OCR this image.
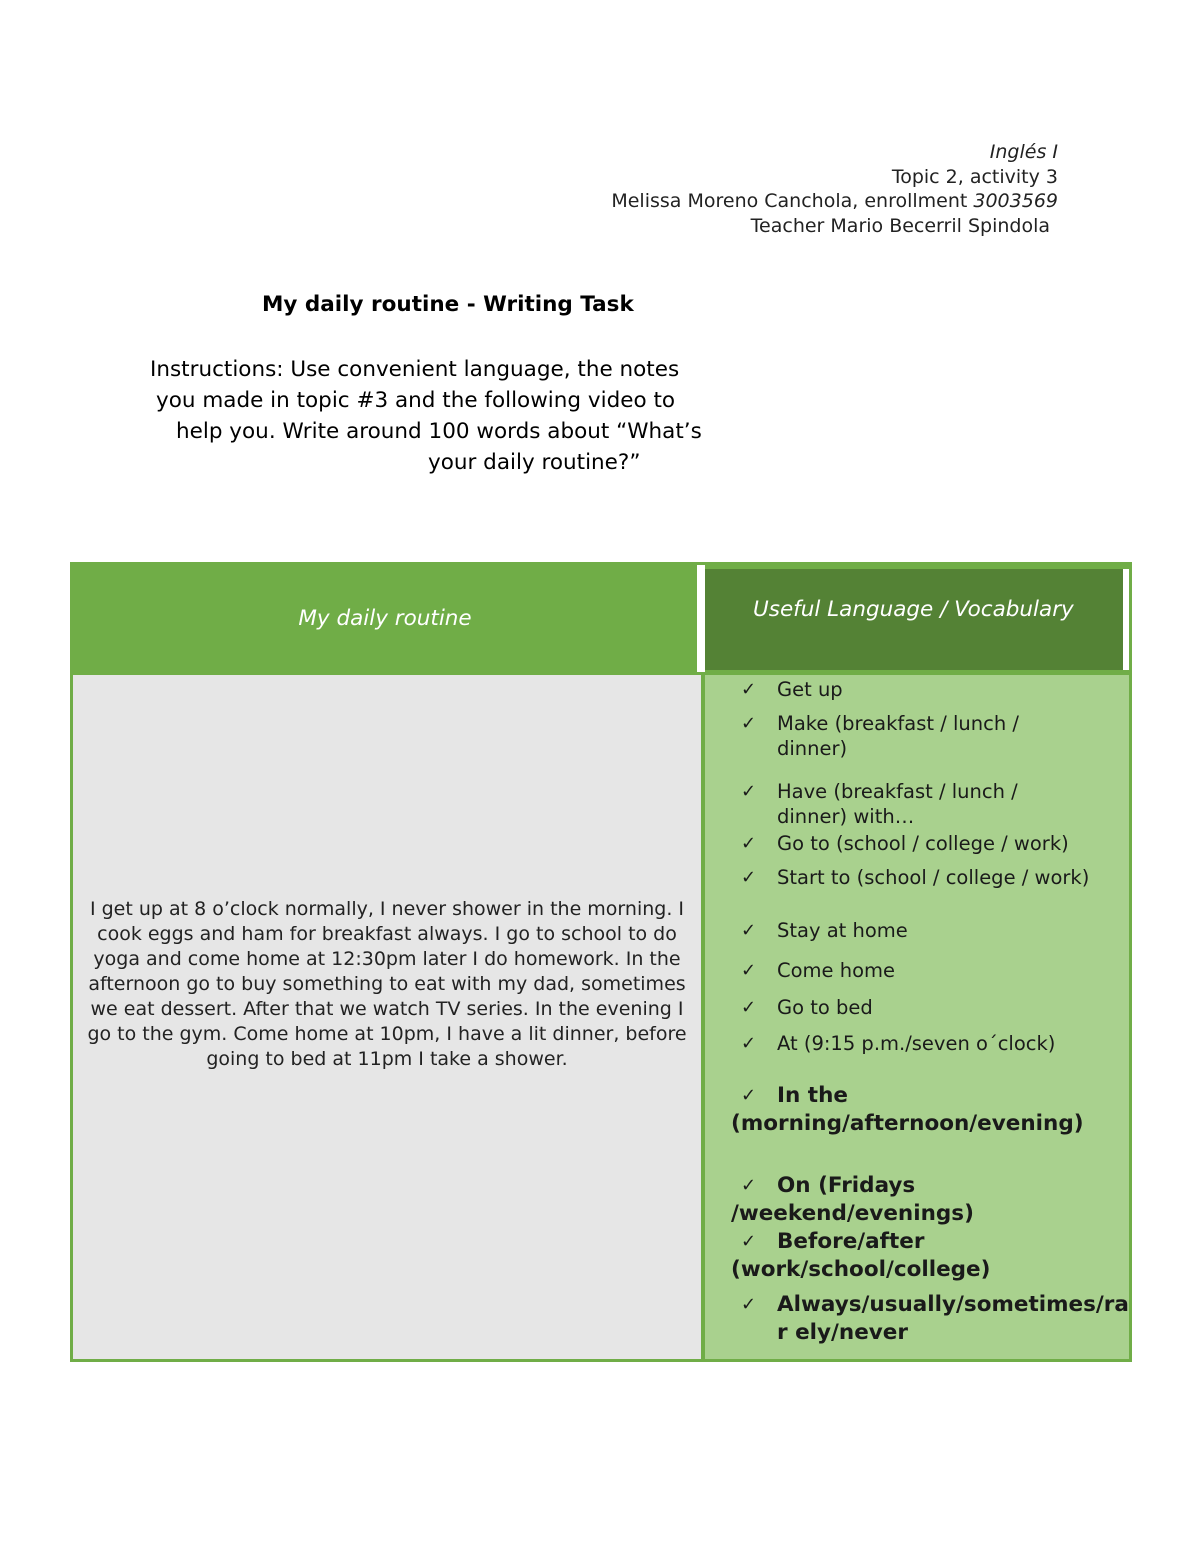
Inglés I
Topic 2, activity 3
Melissa Moreno Canchola, enrollment 3003569
Teacher Mario Becerril Spindola
My daily routine - Writing Task
Instructions: Use convenient language, the notes
you made in topic #3 and the following video to
help you. Write around 100 words about “What’s
your daily routine?”
My daily routine	Useful Language / Vocabulary

I get up at 8 o’clock normally, I never shower in the morning. I cook eggs and ham for breakfast always. I go to school to do yoga and come home at 12:30pm later I do homework. In the afternoon go to buy something to eat with my dad, sometimes we eat dessert. After that we watch TV series. In the evening I go to the gym. Come home at 10pm, I have a lit dinner, before going to bed at 11pm I take a shower.

✓	Get up
✓	Make (breakfast / lunch / dinner)
✓	Have (breakfast / lunch / dinner) with…
✓	Go to (school / college / work)
✓	Start to (school / college / work)
✓	Stay at home
✓	Come home
✓	Go to bed
✓	At (9:15 p.m./seven o´clock)
✓ In the (morning/afternoon/evening)
✓ On (Fridays /weekend/evenings)
✓ Before/after (work/school/college)
✓ Always/usually/sometimes/ra r ely/never
